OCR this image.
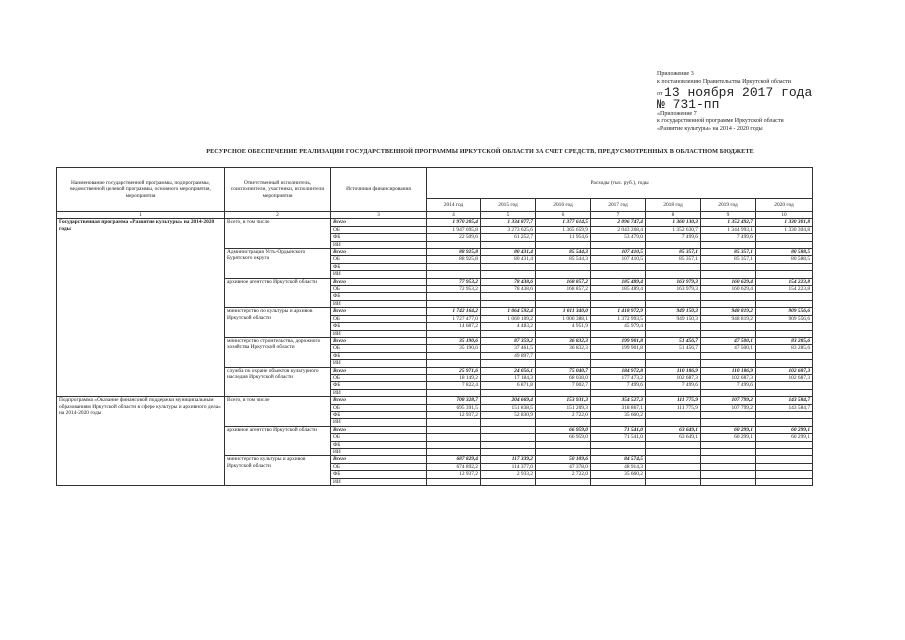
Приложение 3
к постановлению Правительства Иркутской области
от 13 ноября 2017 года
№ 731-пп
«Приложение 7
к государственной программе Иркутской области
«Развитие культуры» на 2014 - 2020 годы
РЕСУРСНОЕ ОБЕСПЕЧЕНИЕ РЕАЛИЗАЦИИ ГОСУДАРСТВЕННОЙ ПРОГРАММЫ ИРКУТСКОЙ ОБЛАСТИ ЗА СЧЕТ СРЕДСТВ, ПРЕДУСМОТРЕННЫХ В ОБЛАСТНОМ БЮДЖЕТЕ
Наименование государственной программы, подпрограммы, ведомственной целевой программы, основного мероприятия, мероприятия	Ответственный исполнитель, соисполнители, участники, исполнители мероприятия	Источники финансирования	Расходы (тыс. руб.), годы						
			2014 год	2015 год	2016 год	2017 год	2018 год	2019 год	2020 год
1	2	3	4	5	6	7	8	9	10
Государственная программа «Развитие культуры» на 2014-2020 годы	Всего, в том числе	Всего	1 970 205,4	1 334 877,7	1 377 614,5	2 096 747,4	1 360 130,3	1 352 492,7	1 330 301,8
		ОБ	1 947 695,8	3 273 625,6	1 365 659,9	2 043 268,4	1 352 630,7	1 344 993,1	1 330 304,8
		ФБ	22 509,6	61 252,7	11 954,6	53 479,0	7 499,6	7 499,6	
		ИИ							
	Администрация Усть-Ордынского Бурятского округа	Всего	88 925,8	80 431,4	85 544,3	107 410,5	85 357,1	85 357,1	80 588,5
		ОБ	88 925,8	80 431,4	85 544,3	107 410,5	85 357,1	85 357,1	80 588,5
		ФБ							
		ИИ							
	архивное агентство Иркутской области	Всего	77 953,2	78 438,6	168 857,2	185 489,4	163 979,3	160 629,4	154 223,8
		ОБ	72 953,2	78 438,6	168 857,2	185 489,4	163 979,3	160 629,4	154 223,8
		ФБ							
		ИИ							
	министерство по культуры и архивов Иркутской области	Всего	1 742 164,2	1 064 592,4	1 011 340,0	1 418 972,9	949 150,3	948 819,2	909 556,6
		ОБ	1 727 477,0	1 060 109,2	1 006 388,1	1 372 993,5	949 150,3	948 819,2	909 556,6
		ФБ	14 687,2	4 483,2	4 951,9	45 979,4			
		ИИ							
	министерство строительства, дорожного хозяйства Иркутской области	Всего	35 190,6	87 359,2	36 832,3	199 901,8	51 456,7	47 500,1	83 285,6
		ОБ	35 190,6	37 461,5	36 832,3	199 901,8	51 456,7	47 500,1	83 285,6
		ФБ		49 897,7					
		ИИ							
	служба по охране объектов культурного наследия Иркутской области	Всего	25 971,6	24 056,1	75 040,7	184 972,8	110 186,9	110 186,9	102 687,3
		ОБ	18 149,2	17 184,3	68 038,0	177 473,2	102 687,3	102 687,3	102 687,3
		ФБ	7 822,4	6 871,8	7 002,7	7 499,6	7 499,6	7 499,6	
		ИИ							
Подпрограмма «Оказание финансовой поддержки муниципальным образованиям Иркутской области в сфере культуры и архивного дела» на 2014-2020 годы	Всего, в том числе	Всего	708 328,7	204 669,4	153 931,3	354 527,3	111 775,9	107 799,2	143 584,7
		ОБ	695 391,5	151 838,5	151 209,3	318 867,1	111 775,9	107 799,2	143 584,7
		ФБ	12 937,2	52 830,9	2 722,0	35 660,2			
		ИИ							
	архивное агентство Иркутской области	Всего			66 959,0	71 541,0	63 649,1	60 299,1	60 299,1
		ОБ			66 959,0	71 541,0	63 649,1	60 299,1	60 299,1
		ФБ							
		ИИ							
	министерство культуры и архивов Иркутской области	Всего	687 829,4	117 339,2	50 109,6	84 574,5			
		ОБ	674 892,2	114 377,0	47 378,0	48 914,3			
		ФБ	12 937,2	2 933,2	2 722,0	35 660,2			
		ИИ							
